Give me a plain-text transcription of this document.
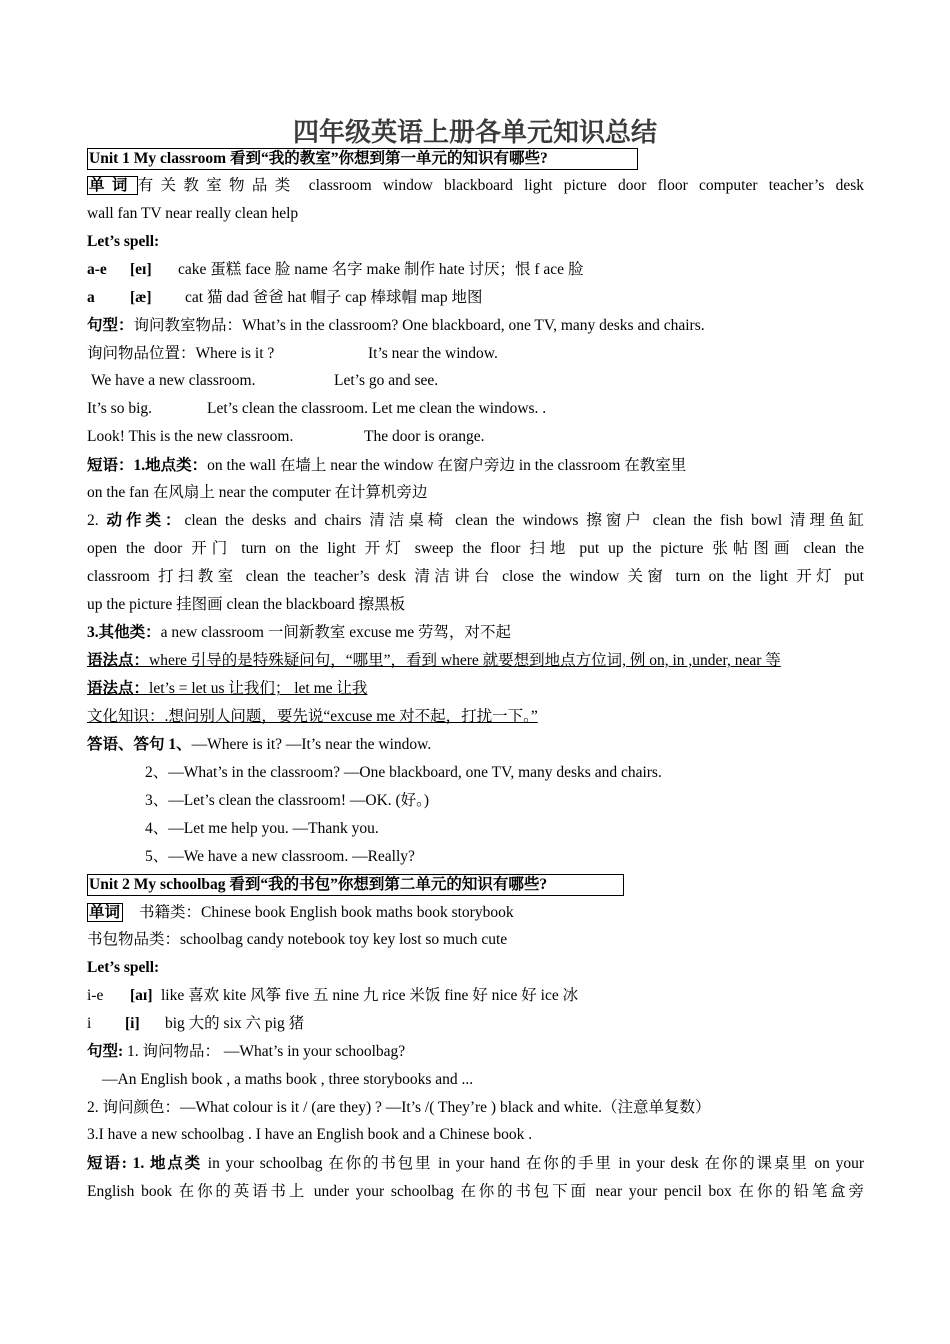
四年级英语上册各单元知识总结
Unit 1 My classroom 看到“我的教室”你想到第一单元的知识有哪些?
单词 有关教室物品类 classroom window blackboard light picture door floor computer teacher’s desk
wall fan TV near really clean help
Let’s spell:
a-e [eɪ] cake 蛋糕 face 脸 name 名字 make 制作 hate 讨厌；恨 f ace 脸
a [æ] cat 猫 dad 爸爸 hat 帽子 cap 棒球帽 map 地图
句型：询问教室物品：What’s in the classroom? One blackboard, one TV, many desks and chairs.
询问物品位置：Where is it ?	It’s near the window.
We have a new classroom.	Let’s go and see.
It’s so big.	Let’s clean the classroom. Let me clean the windows. .
Look! This is the new classroom.	The door is orange.
短语：1.地点类：on the wall 在墙上 near the window 在窗户旁边 in the classroom 在教室里
on the fan 在风扇上 near the computer 在计算机旁边
2. 动作类：clean the desks and chairs 清洁桌椅 clean the windows 擦窗户 clean the fish bowl 清理鱼缸
open the door 开门 turn on the light 开灯 sweep the floor 扫地 put up the picture 张帖图画 clean the
classroom 打扫教室 clean the teacher’s desk 清洁讲台 close the window 关窗 turn on the light 开灯 put
up the picture 挂图画 clean the blackboard 擦黑板
3.其他类：a new classroom 一间新教室 excuse me 劳驾，对不起
语法点：where 引导的是特殊疑问句，“哪里”，看到 where 就要想到地点方位词, 例 on, in ,under, near 等
语法点：let’s = let us 让我们； let me 让我
文化知识：.想问别人问题，要先说“excuse me 对不起，打扰一下。”
答语、答句 1、—Where is it? —It’s near the window.
2、—What’s in the classroom? —One blackboard, one TV, many desks and chairs.
3、—Let’s clean the classroom! —OK. (好。)
4、—Let me help you. —Thank you.
5、—We have a new classroom. —Really?
Unit 2 My schoolbag 看到“我的书包”你想到第二单元的知识有哪些?
单词 书籍类：Chinese book English book maths book storybook
书包物品类：schoolbag candy notebook toy key lost so much cute
Let’s spell:
i-e [aɪ] like 喜欢 kite 风筝 five 五 nine 九 rice 米饭 fine 好 nice 好 ice 冰
i [i] big 大的 six 六 pig 猪
句型: 1. 询问物品： —What’s in your schoolbag?
—An English book , a maths book , three storybooks and ...
2. 询问颜色：—What colour is it / (are they) ? —It’s /( They’re ) black and white.（注意单复数）
3.I have a new schoolbag . I have an English book and a Chinese book .
短语: 1. 地点类 in your schoolbag 在你的书包里 in your hand 在你的手里 in your desk 在你的课桌里 on your
English book 在你的英语书上 under your schoolbag 在你的书包下面 near your pencil box 在你的铅笔盒旁
